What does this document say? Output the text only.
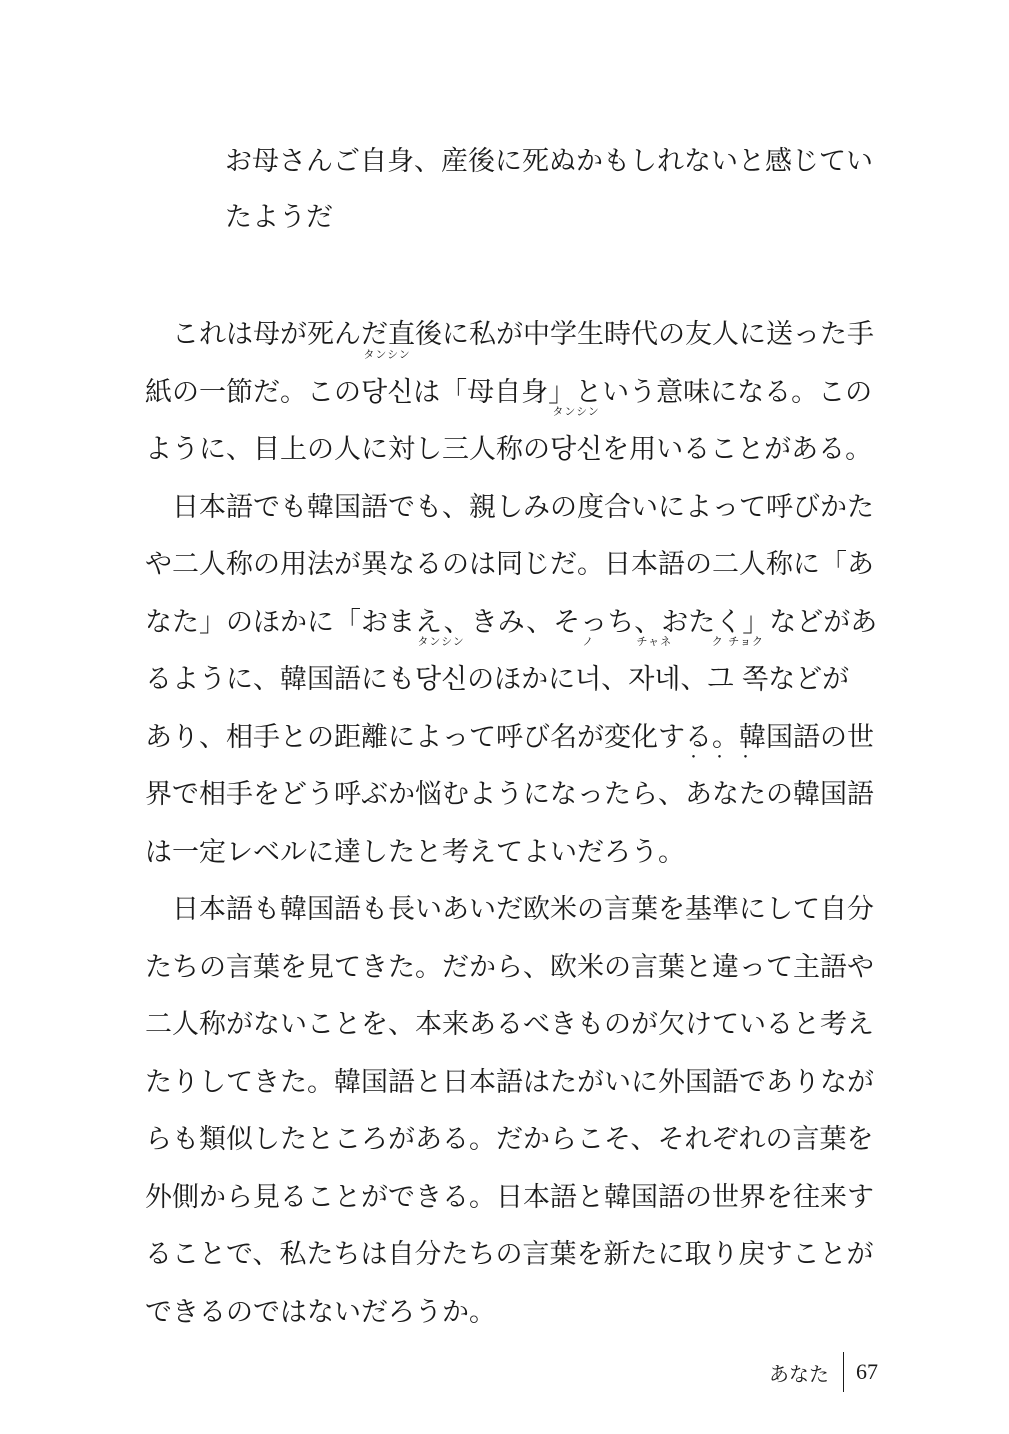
お母さんご自身、産後に死ぬかもしれないと感じてい
たようだ
　これは母が死んだ直後に私が中学生時代の友人に送った手
紙の一節だ。この
タンシン
당신は「母自身」という意味になる。この
ように、目上の人に対し三人称の
タンシン
당신を用いることがある。
　日本語でも韓国語でも、親しみの度合いによって呼びかた
や二人称の用法が異なるのは同じだ。日本語の二人称に「あ
なた」のほかに「おまえ、きみ、そっち、おたく」などがあ
るように、韓国語にも
タンシン
당신のほかに
ノ
너、
チャネ
자네、
ク チョク
그 쪽などが
あり、相手との距離によって呼び名が変化する。韓国語の世
界で相手をどう呼ぶか悩むようになったら、
・・・
あなたの韓国語
は一定レベルに達したと考えてよいだろう。
　日本語も韓国語も長いあいだ欧米の言葉を基準にして自分
たちの言葉を見てきた。だから、欧米の言葉と違って主語や
二人称がないことを、本来あるべきものが欠けていると考え
たりしてきた。韓国語と日本語はたがいに外国語でありなが
らも類似したところがある。だからこそ、それぞれの言葉を
外側から見ることができる。日本語と韓国語の世界を往来す
ることで、私たちは自分たちの言葉を新たに取り戻すことが
できるのではないだろうか。
あなた	67
